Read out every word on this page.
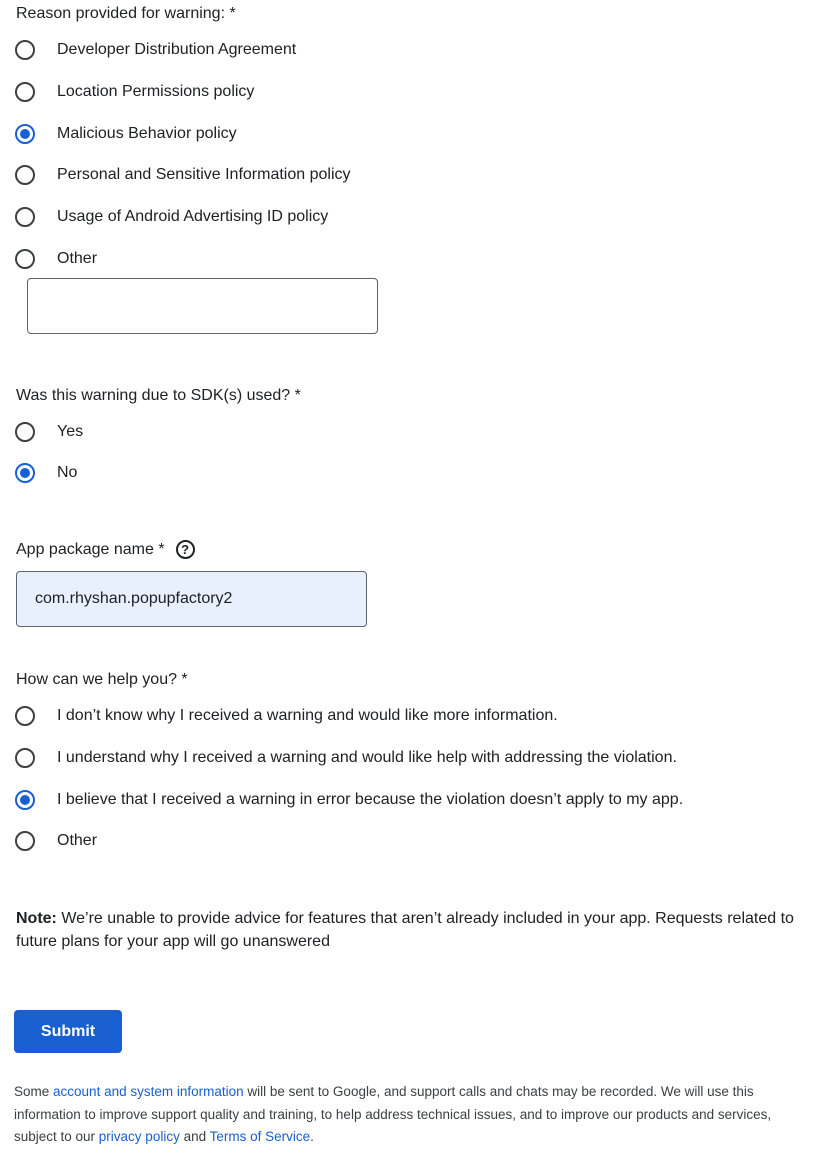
Reason provided for warning: *
Developer Distribution Agreement
Location Permissions policy
Malicious Behavior policy
Personal and Sensitive Information policy
Usage of Android Advertising ID policy
Other
Was this warning due to SDK(s) used? *
Yes
No
App package name *	?
com.rhyshan.popupfactory2
How can we help you? *
I don’t know why I received a warning and would like more information.
I understand why I received a warning and would like help with addressing the violation.
I believe that I received a warning in error because the violation doesn’t apply to my app.
Other
Note: We’re unable to provide advice for features that aren’t already included in your app. Requests related to future plans for your app will go unanswered
Submit
Some account and system information will be sent to Google, and support calls and chats may be recorded. We will use this information to improve support quality and training, to help address technical issues, and to improve our products and services, subject to our privacy policy and Terms of Service.
